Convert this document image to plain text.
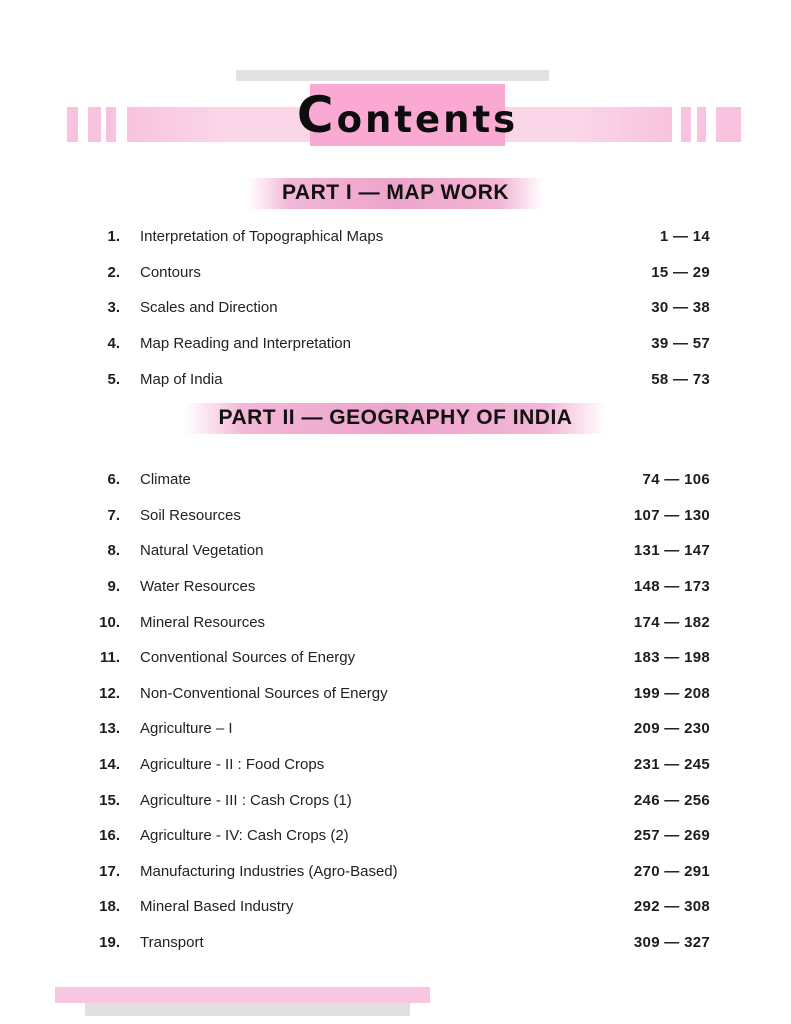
Contents
PART I — MAP WORK
1. Interpretation of Topographical Maps	1 — 14
2. Contours	15 — 29
3. Scales and Direction	30 — 38
4. Map Reading and Interpretation	39 — 57
5. Map of India	58 — 73
PART II — GEOGRAPHY OF INDIA
6. Climate	74 — 106
7. Soil Resources	107 — 130
8. Natural Vegetation	131 — 147
9. Water Resources	148 — 173
10. Mineral Resources	174 — 182
11. Conventional Sources of Energy	183 — 198
12. Non-Conventional Sources of Energy	199 — 208
13. Agriculture – I	209 — 230
14. Agriculture - II : Food Crops	231 — 245
15. Agriculture - III : Cash Crops (1)	246 — 256
16. Agriculture - IV: Cash Crops (2)	257 — 269
17. Manufacturing Industries (Agro-Based)	270 — 291
18. Mineral Based Industry	292 — 308
19. Transport	309 — 327
